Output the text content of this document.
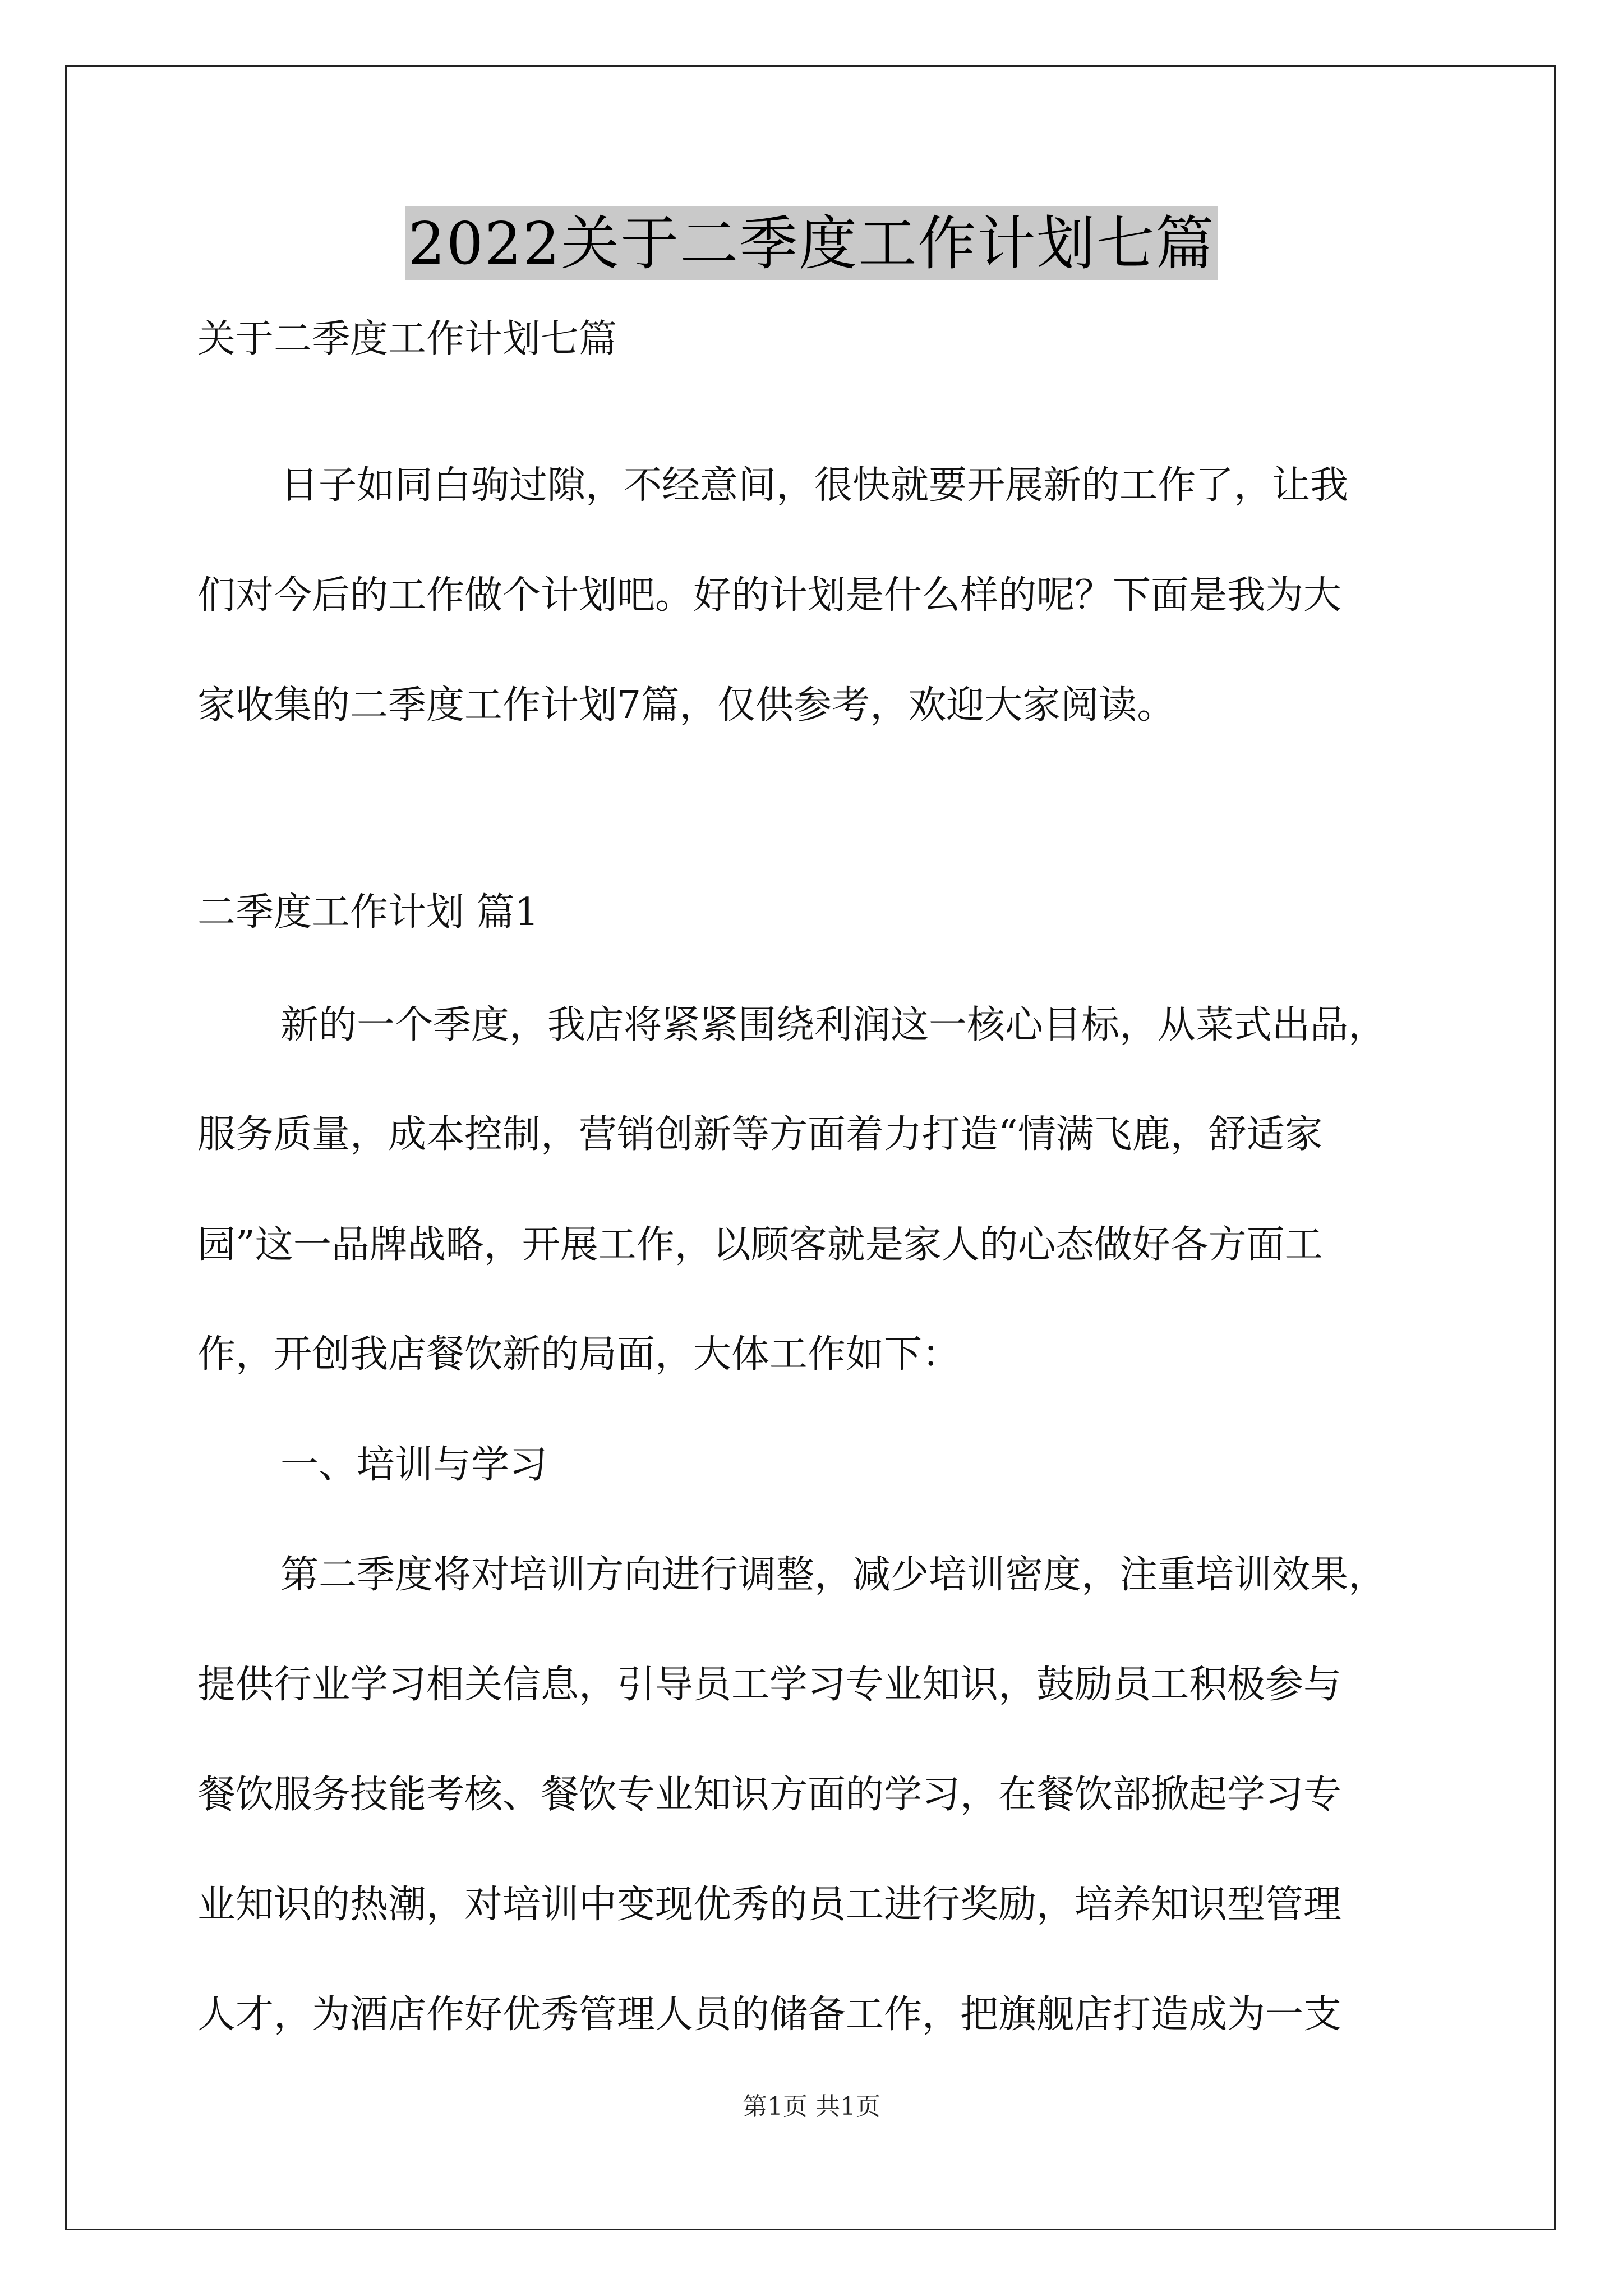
2022关于二季度工作计划七篇
关于二季度工作计划七篇
日子如同白驹过隙，不经意间，很快就要开展新的工作了，让我
们对今后的工作做个计划吧。好的计划是什么样的呢？下面是我为大
家收集的二季度工作计划7篇，仅供参考，欢迎大家阅读。
二季度工作计划 篇1
新的一个季度，我店将紧紧围绕利润这一核心目标，从菜式出品，
服务质量，成本控制，营销创新等方面着力打造“情满飞鹿，舒适家
园”这一品牌战略，开展工作，以顾客就是家人的心态做好各方面工
作，开创我店餐饮新的局面，大体工作如下：
一、培训与学习
第二季度将对培训方向进行调整，减少培训密度，注重培训效果，
提供行业学习相关信息，引导员工学习专业知识，鼓励员工积极参与
餐饮服务技能考核、餐饮专业知识方面的学习，在餐饮部掀起学习专
业知识的热潮，对培训中变现优秀的员工进行奖励，培养知识型管理
人才，为酒店作好优秀管理人员的储备工作，把旗舰店打造成为一支
第1页 共1页
